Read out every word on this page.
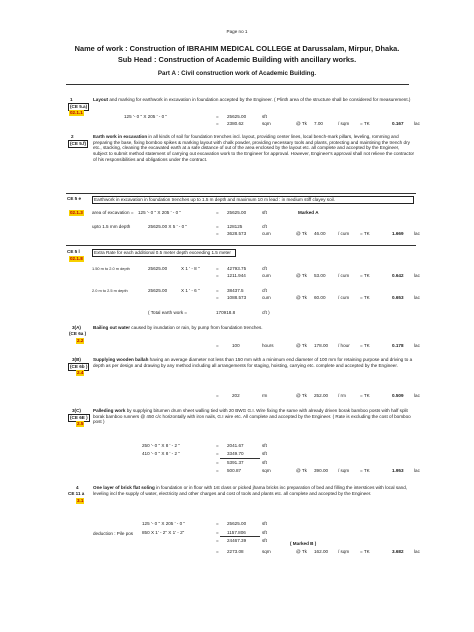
Page no 1
Name of work : Construction of IBRAHIM MEDICAL COLLEGE at Darussalam, Mirpur, Dhaka.
Sub Head : Construction of Academic Building with ancillary works.
Part A : Civil construction work of Academic Building.
1
(CE 5.a)
02.1.1
Layout and marking for earthwork in excavation in foundation accepted by the Engineer. ( Plinth area of the structure shall be considered for measurement.)
125 '- 0 " X 205 ' - 0 "	= 25625.00	sft
= 2380.62	sqm	@ Tk 7.00	/ sqm = TK	0.167 lac
2
(CE 5.f)
Earth work in excavation in all kinds of soil for foundation trenches incl. layout, providing center lines, local bench-mark pillars, leveling, romming and preparing the base, fixing bomboo spikes & marking layout with chalk powder, providing necessary tools and plants, protecting and maintining the trench dry etc., stacking, cleaning the excavated earth at a safe distance of out of the area enclosed by the layout etc. all complete and accepted by the Engineer, subject to submit method statement of carrying out excavation work to the Engineer for approval. However, Engineer's approval shall not relieve the contractor of his responsibilities and obligations under the contract.
CE 5 e	Earthwork in excavation in foundation trenches up to 1.5 m depth and maximum 10 m lead : in medium stiff clayey soil.
02.1.3 area of excavation = 125 '- 0 " X 205 ' - 0 "	= 25625.00	sft	Marked A
upto 1.5 mm depth	25625.00 X 5 ' - 0 "	= 128125	cft
= 3628.573	cum	@ Tk 46.00	/ cum = TK	1.669 lac
CE 5 l	Extra Rate for each additional 0.5 meter depth exceeding 1.5 meter
02.1.8
1.50 m to 2.0 m depth	25625.00	X 1 ' - 8 "	= 42793.75	cft
= 1211.944	cum	@ Tk 53.00	/ cum = TK	0.642 lac
2.0 m to 2.5 m depth	25625.00	X 1 ' - 6 "	= 38437.5	cft
= 1088.573	cum	@ Tk 60.00	/ cum = TK	0.653 lac
( Total earth work =	170918.8	cft )
3(A)
(CE 6a )
2.2
Bailing out water caused by inundation or rain, by pump from foundation trenches.
=	100	hours	@ Tk 178.00 / hour = TK	0.178 lac
3(B)
(CE 6b )
2.4
Supplying wooden ballah having an average diameter not less than 150 mm with a minimum end diameter of 100 mm for retaining purpose and driving to a depth as per design and drawing by any method including all arrangements for staging, hoisting, carrying etc. complete and accepted by the Engineer.
=	202	rm	@ Tk 252.00 / rm	= TK	0.509 lac
3(C)
(CE 6E )
2.5
Palleding work by supplying bitumen drum sheet walling tied with 20 BWG G.I. Wire fixing the same with already driven borak bamboo posts with half split borak bamboo runners @ 450 c/c horizontally with iron nails, G.I wire etc. All complete and accepted by the Engineer. ( Rate is excluding the cost of bomboo post )
250 '- 0 " X 8 ' - 2 "	= 2041.67	sft
410 '- 0 " X 8 ' - 2 "	= 3349.70	sft
= 5391.37	sft
= 500.87	sqm	@ Tk 390.00 / sqm = TK	1.953 lac
4
CE 11 a
3.1
One layer of brick flat soling in foundation or in floor with 1st class or picked jhama bricks inc preparation of bed and filling the interstices with local sand, leveling incl the supply of water, electricity and other charges and cost of tools and plants etc. all complete and accepted by the Engineer.
125 '- 0 " X 205 ' - 0 "	= 25625.00	sft
deduction : Pile pos 850 X 1' - 2" X 1' - 2"	= 1157.806	sft
= 24467.39	sft
( Marked B )
= 2273.08	sqm	@ Tk 162.00 / sqm = TK	3.682 lac
